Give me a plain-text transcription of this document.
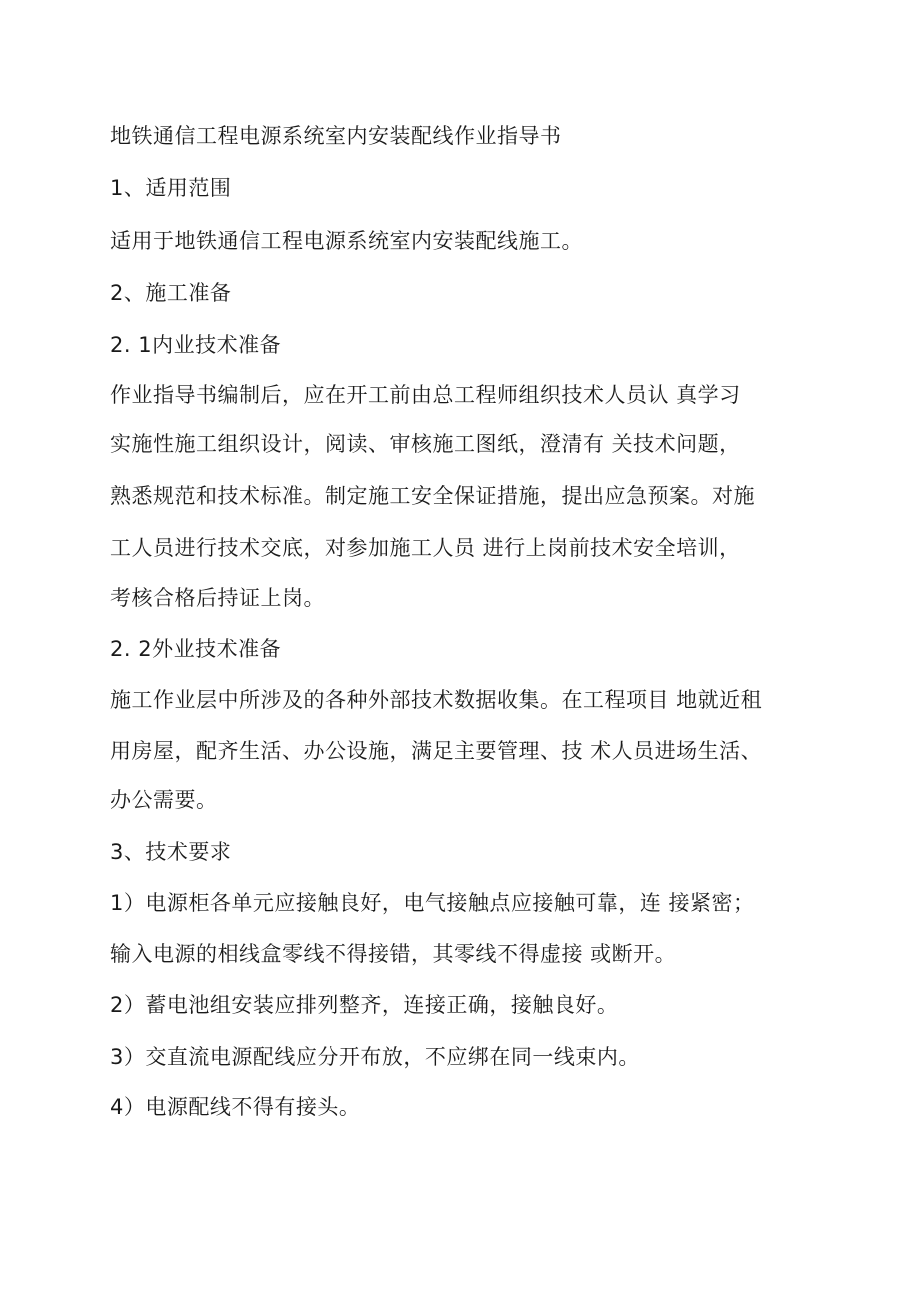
地铁通信工程电源系统室内安装配线作业指导书
1、适用范围
适用于地铁通信工程电源系统室内安装配线施工。
2、施工准备
2. 1内业技术准备
作业指导书编制后，应在开工前由总工程师组织技术人员认 真学习
实施性施工组织设计，阅读、审核施工图纸，澄清有 关技术问题，
熟悉规范和技术标准。制定施工安全保证措施，提出应急预案。对施
工人员进行技术交底，对参加施工人员 进行上岗前技术安全培训，
考核合格后持证上岗。
2. 2外业技术准备
施工作业层中所涉及的各种外部技术数据收集。在工程项目 地就近租
用房屋，配齐生活、办公设施，满足主要管理、技 术人员进场生活、
办公需要。
3、技术要求
1）电源柜各单元应接触良好，电气接触点应接触可靠，连 接紧密；
输入电源的相线盒零线不得接错，其零线不得虚接 或断开。
2）蓄电池组安装应排列整齐，连接正确，接触良好。
3）交直流电源配线应分开布放，不应绑在同一线束内。
4）电源配线不得有接头。
